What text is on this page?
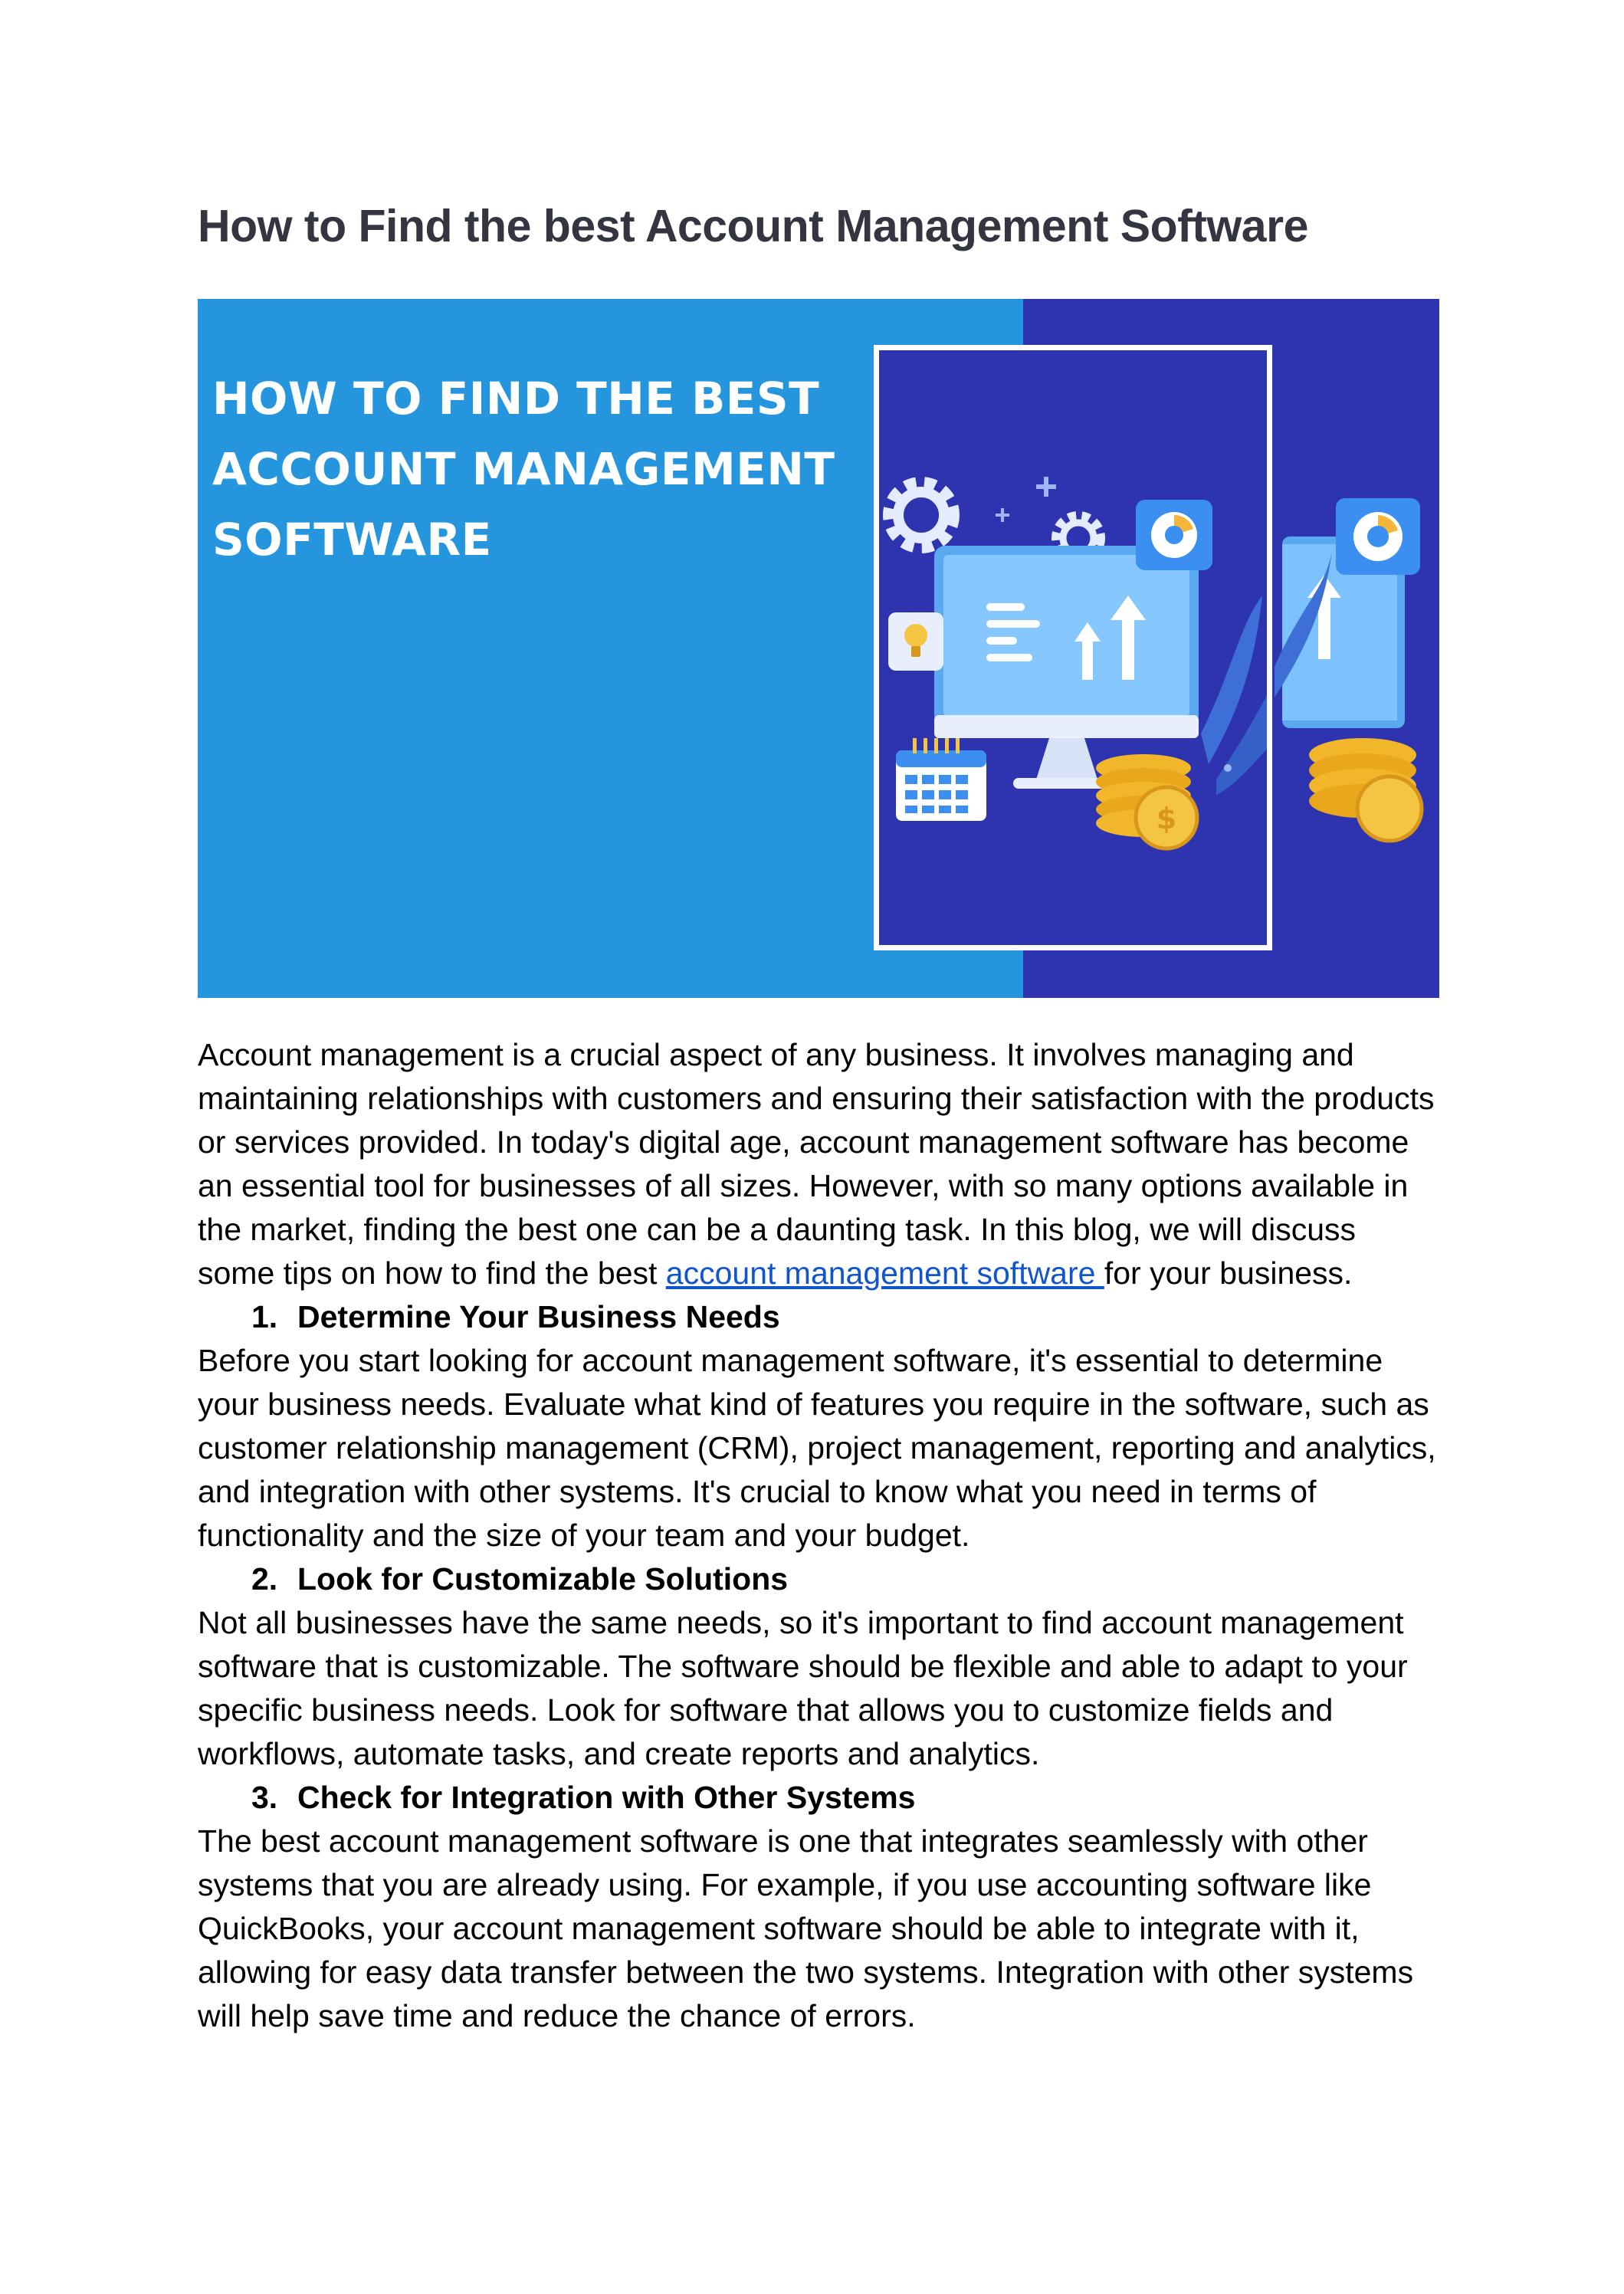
How to Find the best Account Management Software
HOW TO FIND THE BEST
ACCOUNT MANAGEMENT
SOFTWARE
$

Account management is a crucial aspect of any business. It involves managing and maintaining relationships with customers and ensuring their satisfaction with the products or services provided. In today's digital age, account management software has become an essential tool for businesses of all sizes. However, with so many options available in the market, finding the best one can be a daunting task. In this blog, we will discuss some tips on how to find the best account management software for your business.

1. Determine Your Business Needs

Before you start looking for account management software, it's essential to determine your business needs. Evaluate what kind of features you require in the software, such as customer relationship management (CRM), project management, reporting and analytics, and integration with other systems. It's crucial to know what you need in terms of functionality and the size of your team and your budget.

2. Look for Customizable Solutions

Not all businesses have the same needs, so it's important to find account management software that is customizable. The software should be flexible and able to adapt to your specific business needs. Look for software that allows you to customize fields and workflows, automate tasks, and create reports and analytics.

3. Check for Integration with Other Systems

The best account management software is one that integrates seamlessly with other systems that you are already using. For example, if you use accounting software like QuickBooks, your account management software should be able to integrate with it, allowing for easy data transfer between the two systems. Integration with other systems will help save time and reduce the chance of errors.
